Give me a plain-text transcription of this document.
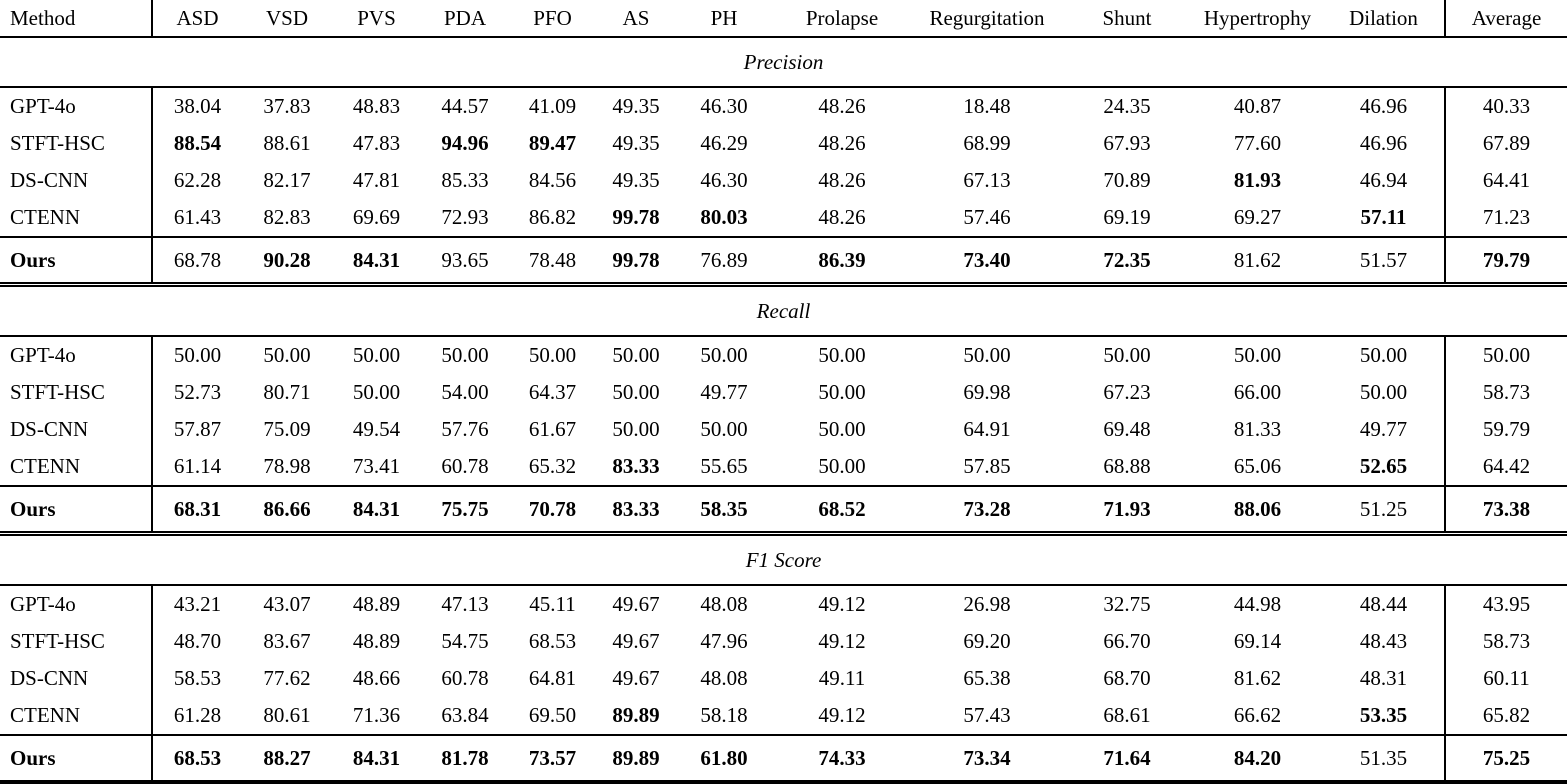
Method	ASD	VSD	PVS	PDA	PFO	AS	PH	Prolapse	Regurgitation	Shunt	Hypertrophy	Dilation	Average
Precision													
GPT-4o	38.04	37.83	48.83	44.57	41.09	49.35	46.30	48.26	18.48	24.35	40.87	46.96	40.33
STFT-HSC	88.54	88.61	47.83	94.96	89.47	49.35	46.29	48.26	68.99	67.93	77.60	46.96	67.89
DS-CNN	62.28	82.17	47.81	85.33	84.56	49.35	46.30	48.26	67.13	70.89	81.93	46.94	64.41
CTENN	61.43	82.83	69.69	72.93	86.82	99.78	80.03	48.26	57.46	69.19	69.27	57.11	71.23
Ours	68.78	90.28	84.31	93.65	78.48	99.78	76.89	86.39	73.40	72.35	81.62	51.57	79.79
Recall													
GPT-4o	50.00	50.00	50.00	50.00	50.00	50.00	50.00	50.00	50.00	50.00	50.00	50.00	50.00
STFT-HSC	52.73	80.71	50.00	54.00	64.37	50.00	49.77	50.00	69.98	67.23	66.00	50.00	58.73
DS-CNN	57.87	75.09	49.54	57.76	61.67	50.00	50.00	50.00	64.91	69.48	81.33	49.77	59.79
CTENN	61.14	78.98	73.41	60.78	65.32	83.33	55.65	50.00	57.85	68.88	65.06	52.65	64.42
Ours	68.31	86.66	84.31	75.75	70.78	83.33	58.35	68.52	73.28	71.93	88.06	51.25	73.38
F1 Score													
GPT-4o	43.21	43.07	48.89	47.13	45.11	49.67	48.08	49.12	26.98	32.75	44.98	48.44	43.95
STFT-HSC	48.70	83.67	48.89	54.75	68.53	49.67	47.96	49.12	69.20	66.70	69.14	48.43	58.73
DS-CNN	58.53	77.62	48.66	60.78	64.81	49.67	48.08	49.11	65.38	68.70	81.62	48.31	60.11
CTENN	61.28	80.61	71.36	63.84	69.50	89.89	58.18	49.12	57.43	68.61	66.62	53.35	65.82
Ours	68.53	88.27	84.31	81.78	73.57	89.89	61.80	74.33	73.34	71.64	84.20	51.35	75.25
